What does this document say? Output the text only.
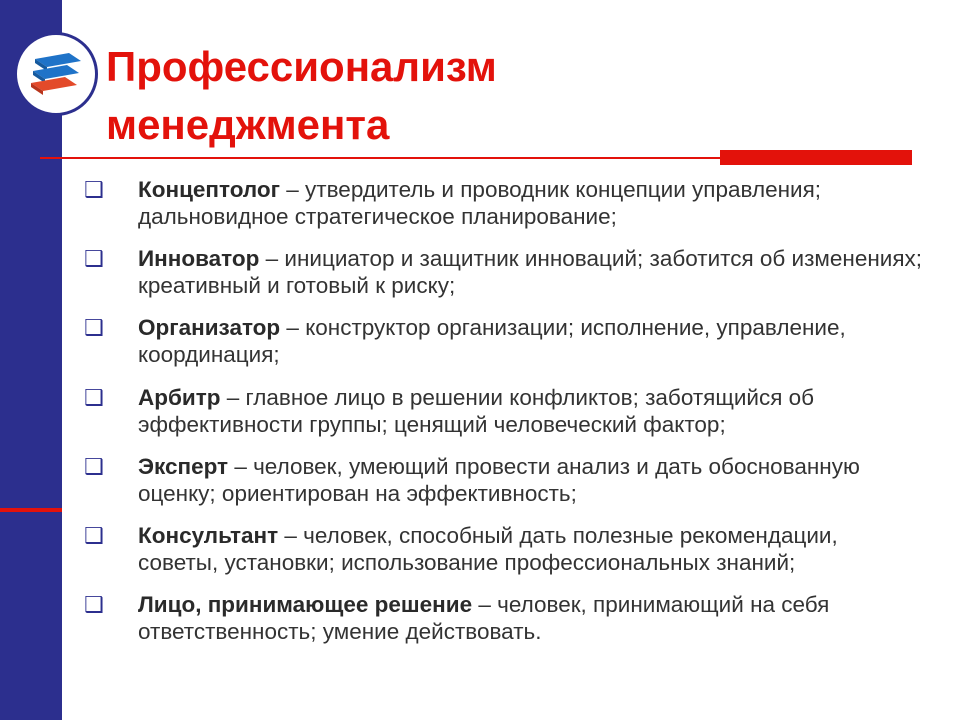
Профессионализм
менеджмента
❑ Концептолог – утвердитель и проводник концепции управления; дальновидное стратегическое планирование;
❑ Инноватор – инициатор и защитник инноваций; заботится об изменениях; креативный и готовый к риску;
❑ Организатор – конструктор организации; исполнение, управление, координация;
❑ Арбитр – главное лицо в решении конфликтов; заботящийся об эффективности группы; ценящий человеческий фактор;
❑ Эксперт – человек, умеющий провести анализ и дать обоснованную оценку; ориентирован на эффективность;
❑ Консультант – человек, способный дать полезные рекомендации, советы, установки; использование профессиональных знаний;
❑ Лицо, принимающее решение – человек, принимающий на себя ответственность; умение действовать.
